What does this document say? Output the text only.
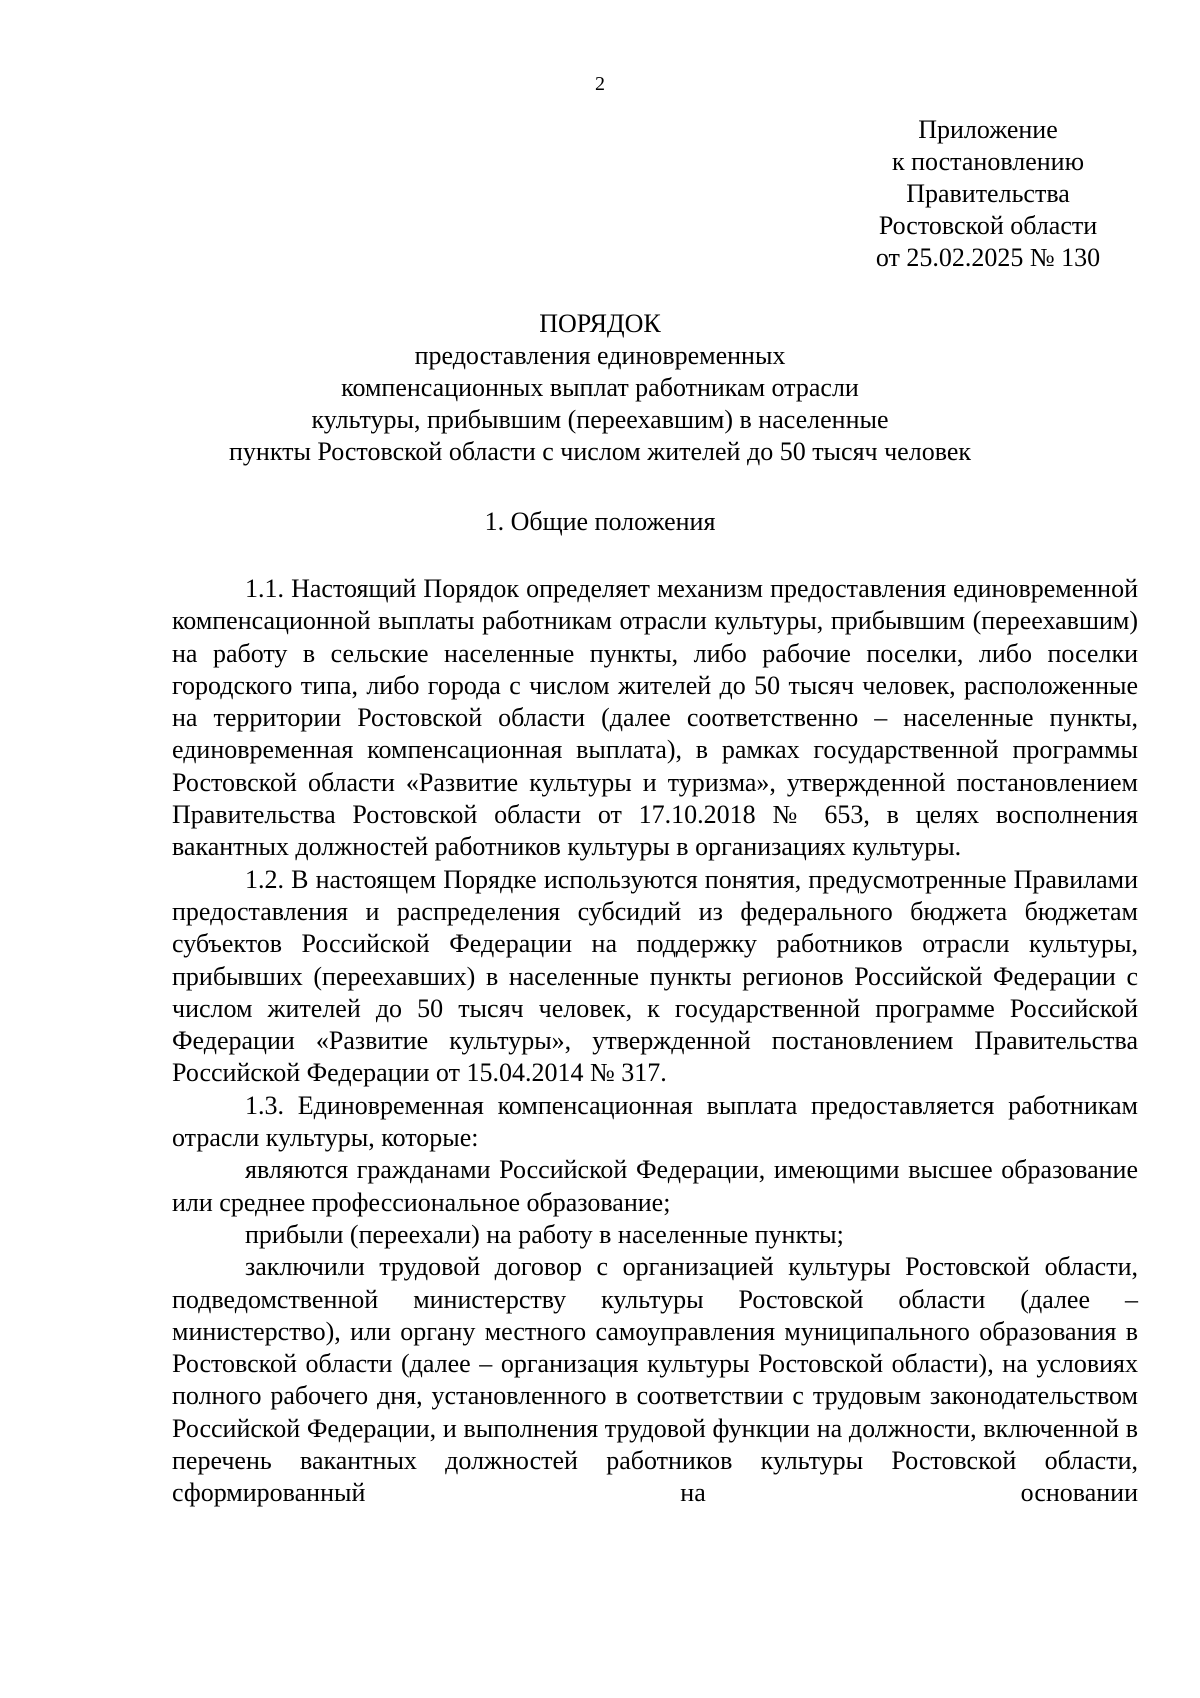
2
Приложение
к постановлению
Правительства
Ростовской области
от 25.02.2025 № 130
ПОРЯДОК
предоставления единовременных
компенсационных выплат работникам отрасли
культуры, прибывшим (переехавшим) в населенные
пункты Ростовской области с числом жителей до 50 тысяч человек
1. Общие положения

1.1. Настоящий Порядок определяет механизм предоставления единовременной компенсационной выплаты работникам отрасли культуры, прибывшим (переехавшим) на работу в сельские населенные пункты, либо рабочие поселки, либо поселки городского типа, либо города с числом жителей до 50 тысяч человек, расположенные на территории Ростовской области (далее соответственно – населенные пункты, единовременная компенсационная выплата), в рамках государственной программы Ростовской области «Развитие культуры и туризма», утвержденной постановлением Правительства Ростовской области от 17.10.2018 № 653, в целях восполнения вакантных должностей работников культуры в организациях культуры.

1.2. В настоящем Порядке используются понятия, предусмотренные Правилами предоставления и распределения субсидий из федерального бюджета бюджетам субъектов Российской Федерации на поддержку работников отрасли культуры, прибывших (переехавших) в населенные пункты регионов Российской Федерации с числом жителей до 50 тысяч человек, к государственной программе Российской Федерации «Развитие культуры», утвержденной постановлением Правительства Российской Федерации от 15.04.2014 № 317.

1.3. Единовременная компенсационная выплата предоставляется работникам отрасли культуры, которые:

являются гражданами Российской Федерации, имеющими высшее образование или среднее профессиональное образование;

прибыли (переехали) на работу в населенные пункты;

заключили трудовой договор с организацией культуры Ростовской области, подведомственной министерству культуры Ростовской области (далее – министерство), или органу местного самоуправления муниципального образования в Ростовской области (далее – организация культуры Ростовской области), на условиях полного рабочего дня, установленного в соответствии с трудовым законодательством Российской Федерации, и выполнения трудовой функции на должности, включенной в перечень вакантных должностей работников культуры Ростовской области, сформированный на основании
